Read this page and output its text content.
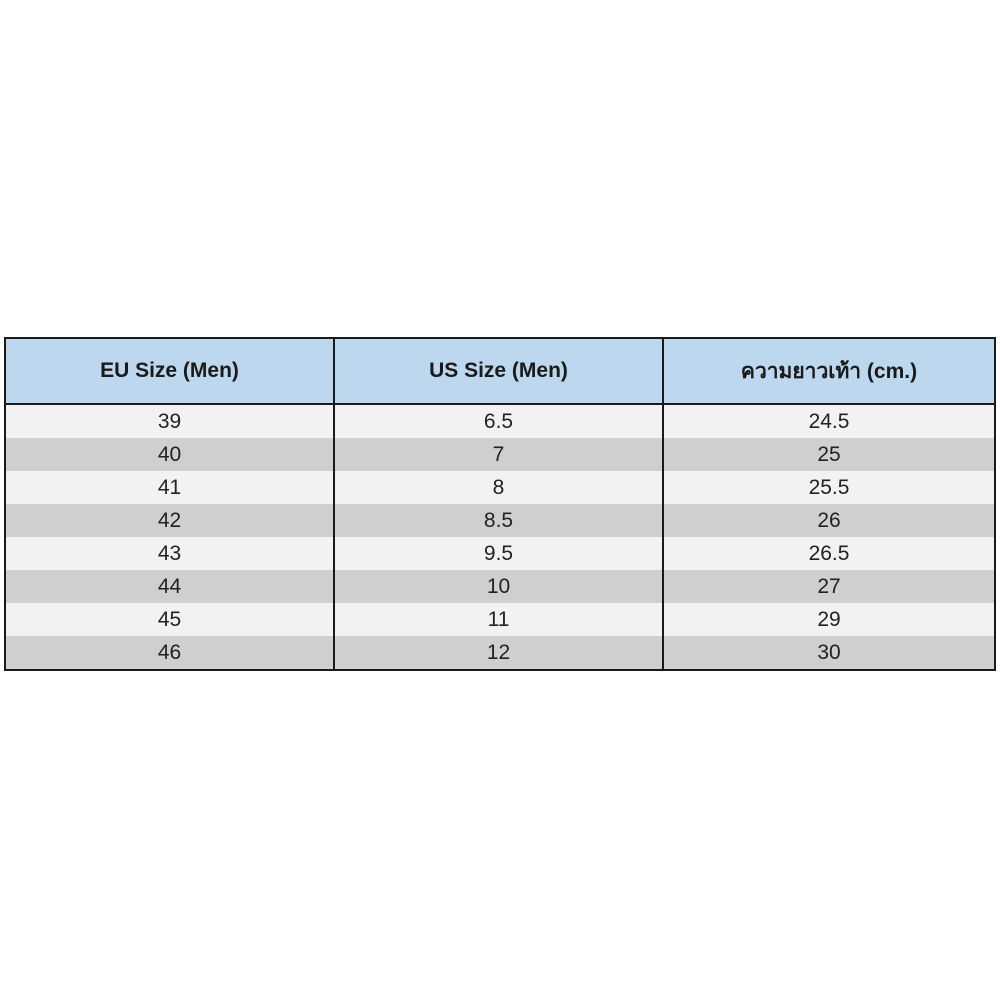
EU Size (Men)	US Size (Men)	ความยาวเท้า (cm.)
39	6.5	24.5
40	7	25
41	8	25.5
42	8.5	26
43	9.5	26.5
44	10	27
45	11	29
46	12	30
